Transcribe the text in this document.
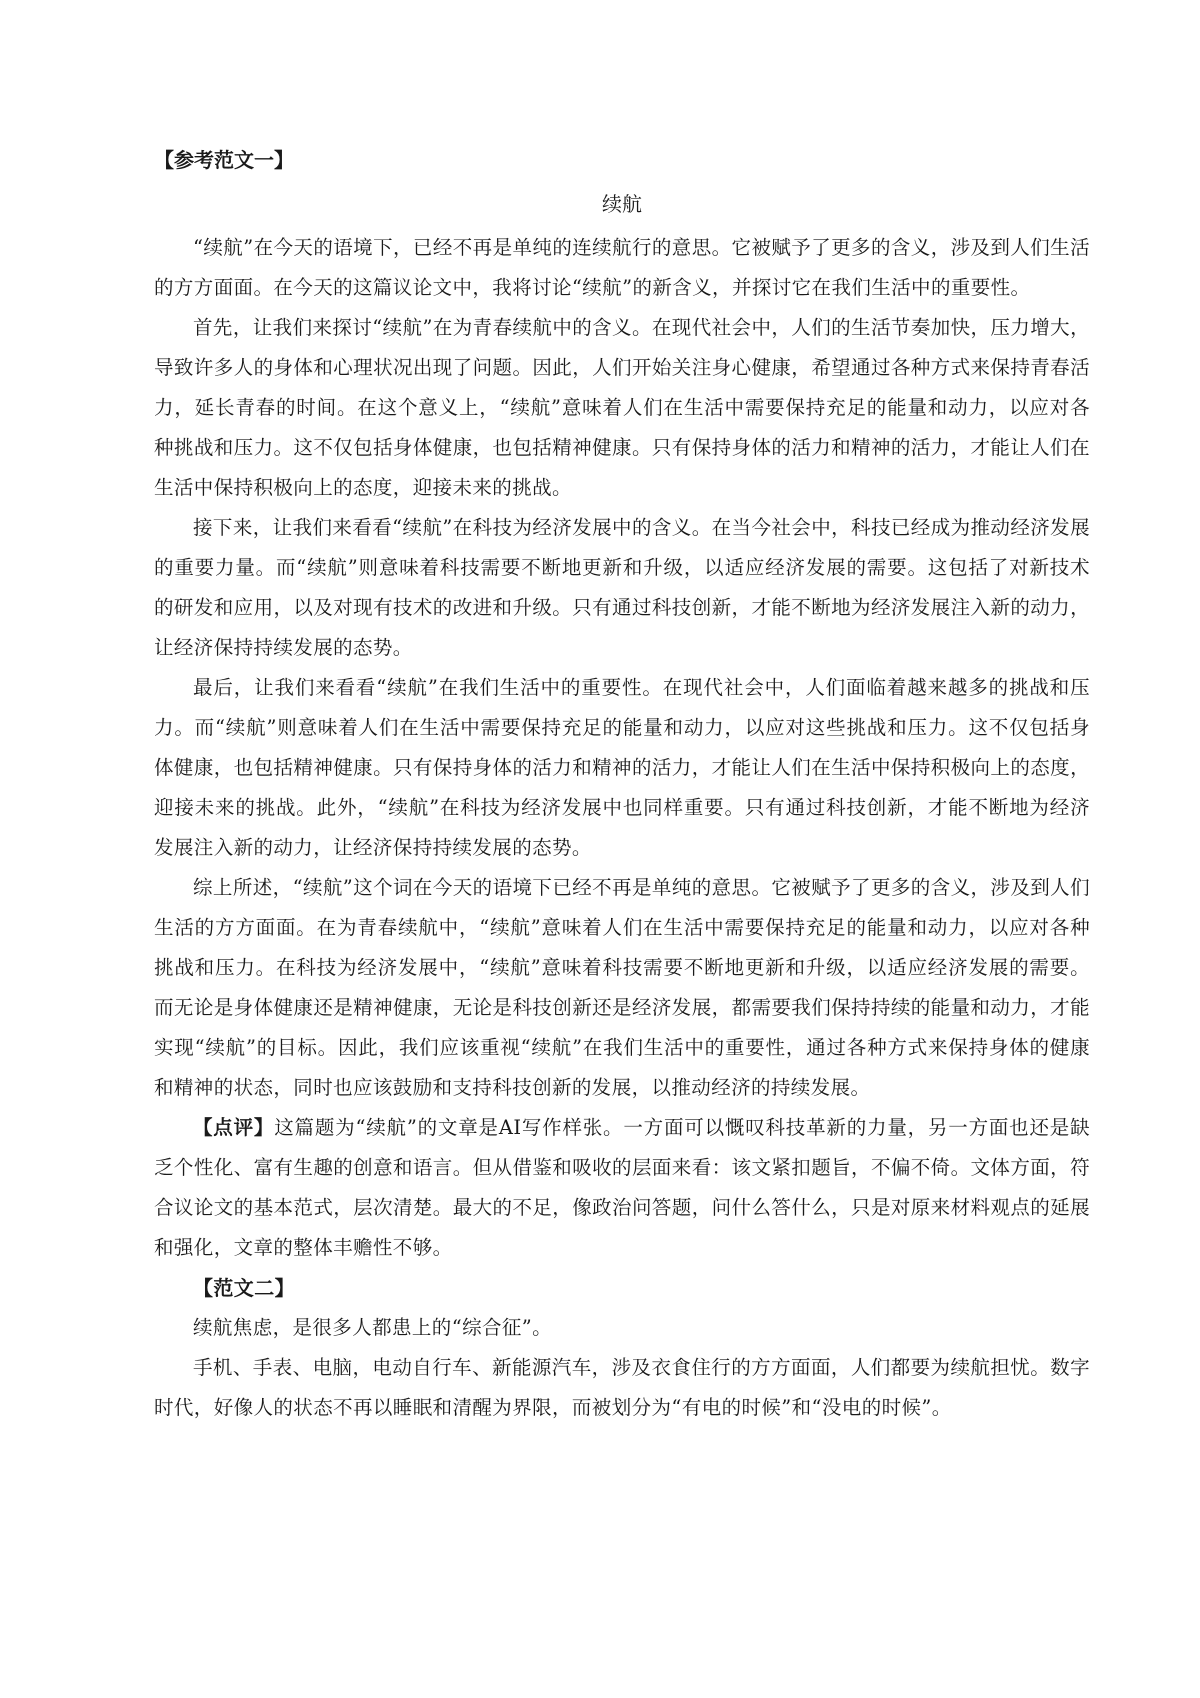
【参考范文一】
续航

“续航”在今天的语境下，已经不再是单纯的连续航行的意思。它被赋予了更多的含义，涉及到人们生活的方方面面。在今天的这篇议论文中，我将讨论“续航”的新含义，并探讨它在我们生活中的重要性。

首先，让我们来探讨“续航”在为青春续航中的含义。在现代社会中，人们的生活节奏加快，压力增大，导致许多人的身体和心理状况出现了问题。因此，人们开始关注身心健康，希望通过各种方式来保持青春活力，延长青春的时间。在这个意义上，“续航”意味着人们在生活中需要保持充足的能量和动力，以应对各种挑战和压力。这不仅包括身体健康，也包括精神健康。只有保持身体的活力和精神的活力，才能让人们在生活中保持积极向上的态度，迎接未来的挑战。

接下来，让我们来看看“续航”在科技为经济发展中的含义。在当今社会中，科技已经成为推动经济发展的重要力量。而“续航”则意味着科技需要不断地更新和升级，以适应经济发展的需要。这包括了对新技术的研发和应用，以及对现有技术的改进和升级。只有通过科技创新，才能不断地为经济发展注入新的动力，让经济保持持续发展的态势。

最后，让我们来看看“续航”在我们生活中的重要性。在现代社会中，人们面临着越来越多的挑战和压力。而“续航”则意味着人们在生活中需要保持充足的能量和动力，以应对这些挑战和压力。这不仅包括身体健康，也包括精神健康。只有保持身体的活力和精神的活力，才能让人们在生活中保持积极向上的态度，迎接未来的挑战。此外，“续航”在科技为经济发展中也同样重要。只有通过科技创新，才能不断地为经济发展注入新的动力，让经济保持持续发展的态势。

综上所述，“续航”这个词在今天的语境下已经不再是单纯的意思。它被赋予了更多的含义，涉及到人们生活的方方面面。在为青春续航中，“续航”意味着人们在生活中需要保持充足的能量和动力，以应对各种挑战和压力。在科技为经济发展中，“续航”意味着科技需要不断地更新和升级，以适应经济发展的需要。而无论是身体健康还是精神健康，无论是科技创新还是经济发展，都需要我们保持持续的能量和动力，才能实现“续航”的目标。因此，我们应该重视“续航”在我们生活中的重要性，通过各种方式来保持身体的健康和精神的状态，同时也应该鼓励和支持科技创新的发展，以推动经济的持续发展。

【点评】这篇题为“续航”的文章是AI写作样张。一方面可以慨叹科技革新的力量，另一方面也还是缺乏个性化、富有生趣的创意和语言。但从借鉴和吸收的层面来看：该文紧扣题旨，不偏不倚。文体方面，符合议论文的基本范式，层次清楚。最大的不足，像政治问答题，问什么答什么，只是对原来材料观点的延展和强化，文章的整体丰赡性不够。

【范文二】

续航焦虑，是很多人都患上的“综合征”。

手机、手表、电脑，电动自行车、新能源汽车，涉及衣食住行的方方面面，人们都要为续航担忧。数字时代，好像人的状态不再以睡眠和清醒为界限，而被划分为“有电的时候”和“没电的时候”。
